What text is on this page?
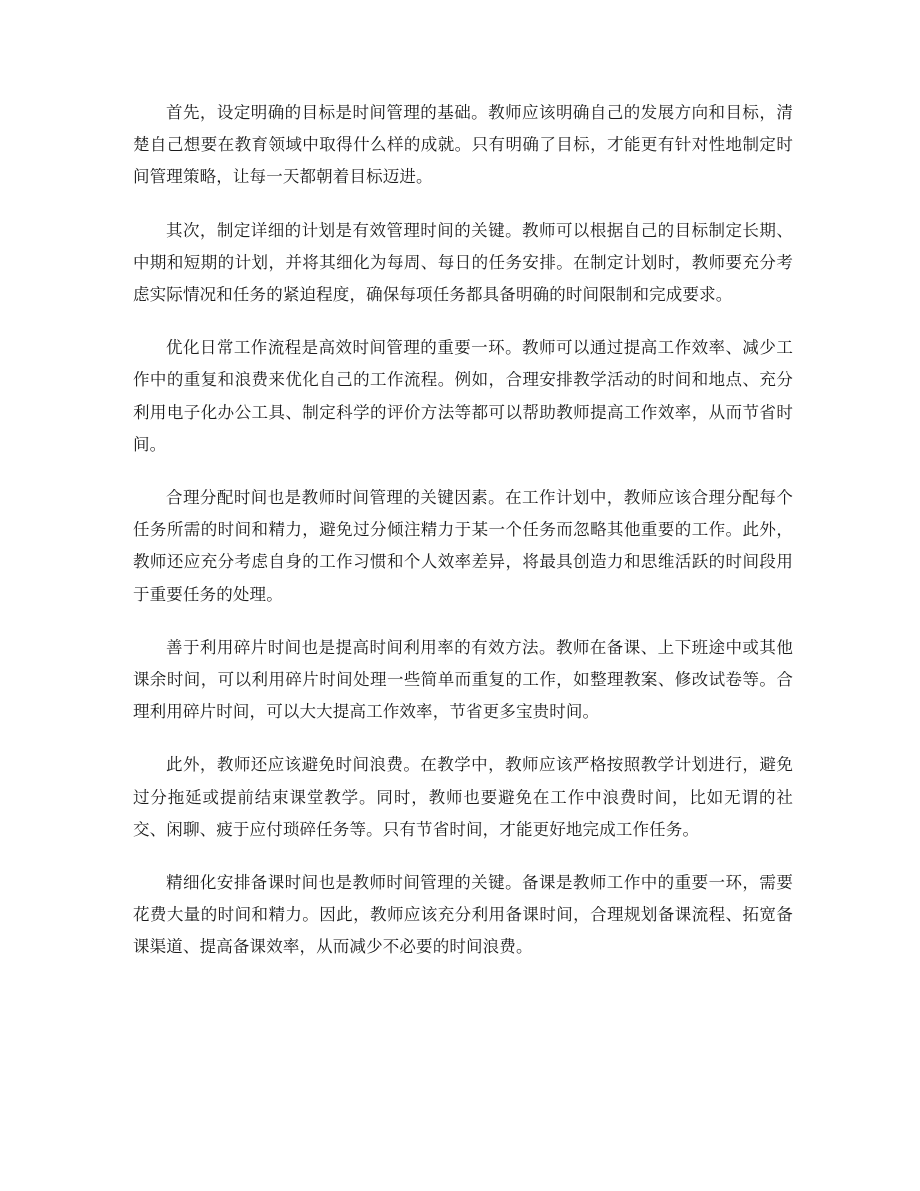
首先，设定明确的目标是时间管理的基础。教师应该明确自己的发展方向和目标，清楚自己想要在教育领域中取得什么样的成就。只有明确了目标，才能更有针对性地制定时间管理策略，让每一天都朝着目标迈进。

其次，制定详细的计划是有效管理时间的关键。教师可以根据自己的目标制定长期、中期和短期的计划，并将其细化为每周、每日的任务安排。在制定计划时，教师要充分考虑实际情况和任务的紧迫程度，确保每项任务都具备明确的时间限制和完成要求。

优化日常工作流程是高效时间管理的重要一环。教师可以通过提高工作效率、减少工作中的重复和浪费来优化自己的工作流程。例如，合理安排教学活动的时间和地点、充分利用电子化办公工具、制定科学的评价方法等都可以帮助教师提高工作效率，从而节省时间。

合理分配时间也是教师时间管理的关键因素。在工作计划中，教师应该合理分配每个任务所需的时间和精力，避免过分倾注精力于某一个任务而忽略其他重要的工作。此外，教师还应充分考虑自身的工作习惯和个人效率差异，将最具创造力和思维活跃的时间段用于重要任务的处理。

善于利用碎片时间也是提高时间利用率的有效方法。教师在备课、上下班途中或其他课余时间，可以利用碎片时间处理一些简单而重复的工作，如整理教案、修改试卷等。合理利用碎片时间，可以大大提高工作效率，节省更多宝贵时间。

此外，教师还应该避免时间浪费。在教学中，教师应该严格按照教学计划进行，避免过分拖延或提前结束课堂教学。同时，教师也要避免在工作中浪费时间，比如无谓的社交、闲聊、疲于应付琐碎任务等。只有节省时间，才能更好地完成工作任务。

精细化安排备课时间也是教师时间管理的关键。备课是教师工作中的重要一环，需要花费大量的时间和精力。因此，教师应该充分利用备课时间，合理规划备课流程、拓宽备课渠道、提高备课效率，从而减少不必要的时间浪费。
